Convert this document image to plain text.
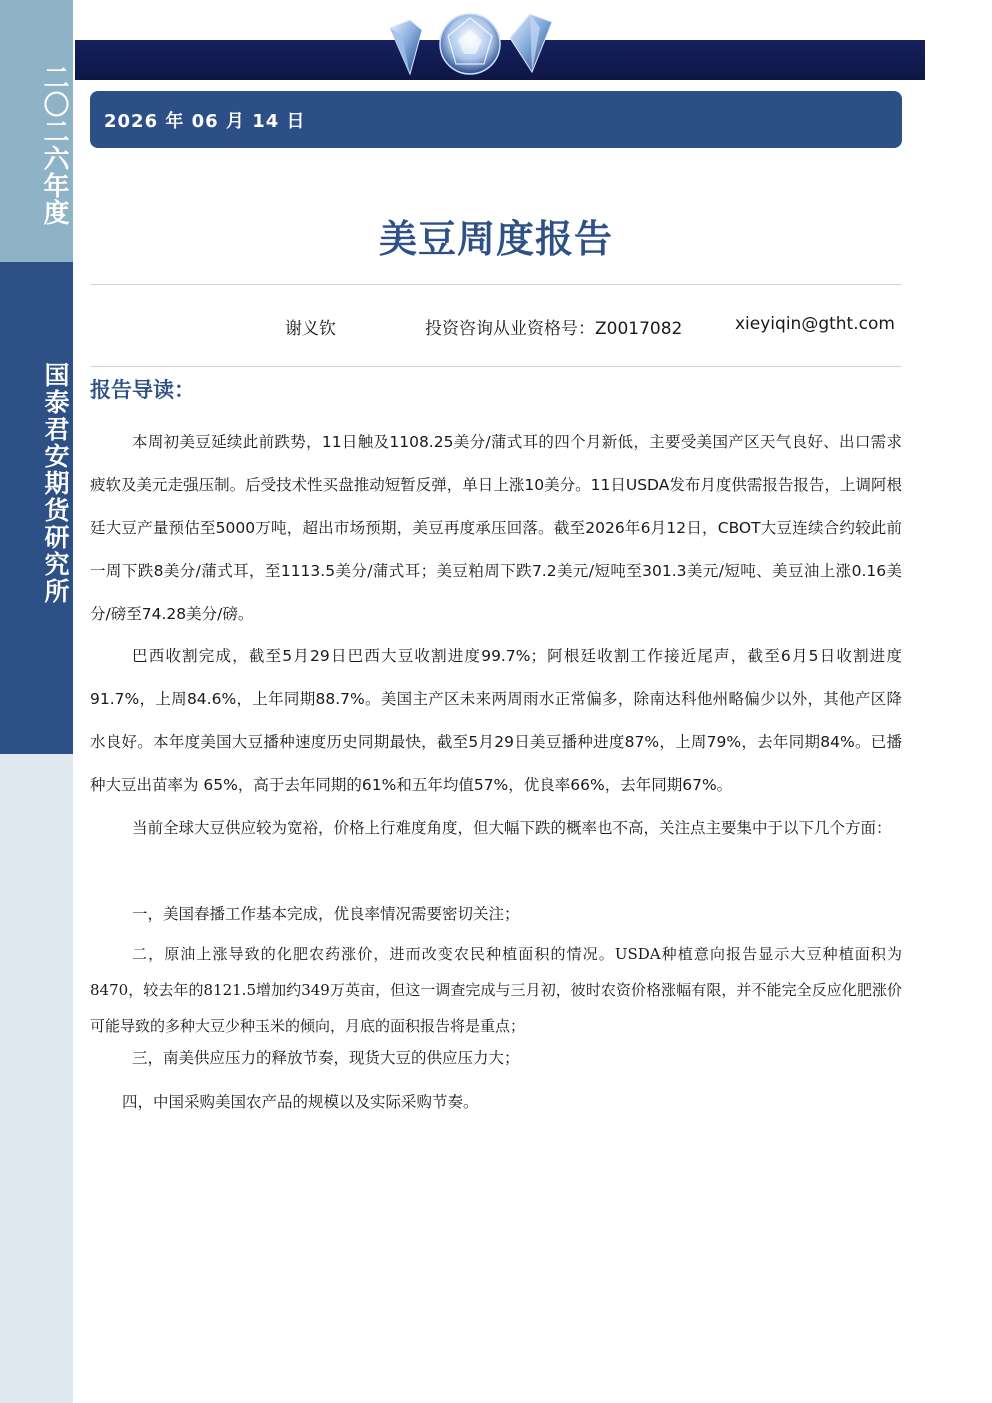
二〇二六年度
国泰君安期货研究所
2026 年 06 月 14 日
美豆周度报告
谢义钦	投资咨询从业资格号：Z0017082	xieyiqin@gtht.com
报告导读：
本周初美豆延续此前跌势，11日触及1108.25美分/蒲式耳的四个月新低，主要受美国产区天气良好、出口需求疲软及美元走强压制。后受技术性买盘推动短暂反弹，单日上涨10美分。11日USDA发布月度供需报告报告，上调阿根廷大豆产量预估至5000万吨，超出市场预期，美豆再度承压回落。截至2026年6月12日，CBOT大豆连续合约较此前一周下跌8美分/蒲式耳，至1113.5美分/蒲式耳；美豆粕周下跌7.2美元/短吨至301.3美元/短吨、美豆油上涨0.16美分/磅至74.28美分/磅。
巴西收割完成，截至5月29日巴西大豆收割进度99.7%；阿根廷收割工作接近尾声，截至6月5日收割进度91.7%，上周84.6%，上年同期88.7%。美国主产区未来两周雨水正常偏多，除南达科他州略偏少以外，其他产区降水良好。本年度美国大豆播种速度历史同期最快，截至5月29日美豆播种进度87%，上周79%，去年同期84%。已播种大豆出苗率为 65%，高于去年同期的61%和五年均值57%，优良率66%，去年同期67%。
当前全球大豆供应较为宽裕，价格上行难度角度，但大幅下跌的概率也不高，关注点主要集中于以下几个方面：
一，美国春播工作基本完成，优良率情况需要密切关注；
二，原油上涨导致的化肥农药涨价，进而改变农民种植面积的情况。USDA种植意向报告显示大豆种植面积为8470，较去年的8121.5增加约349万英亩，但这一调查完成与三月初，彼时农资价格涨幅有限，并不能完全反应化肥涨价可能导致的多种大豆少种玉米的倾向，月底的面积报告将是重点；
三，南美供应压力的释放节奏，现货大豆的供应压力大；
四，中国采购美国农产品的规模以及实际采购节奏。
